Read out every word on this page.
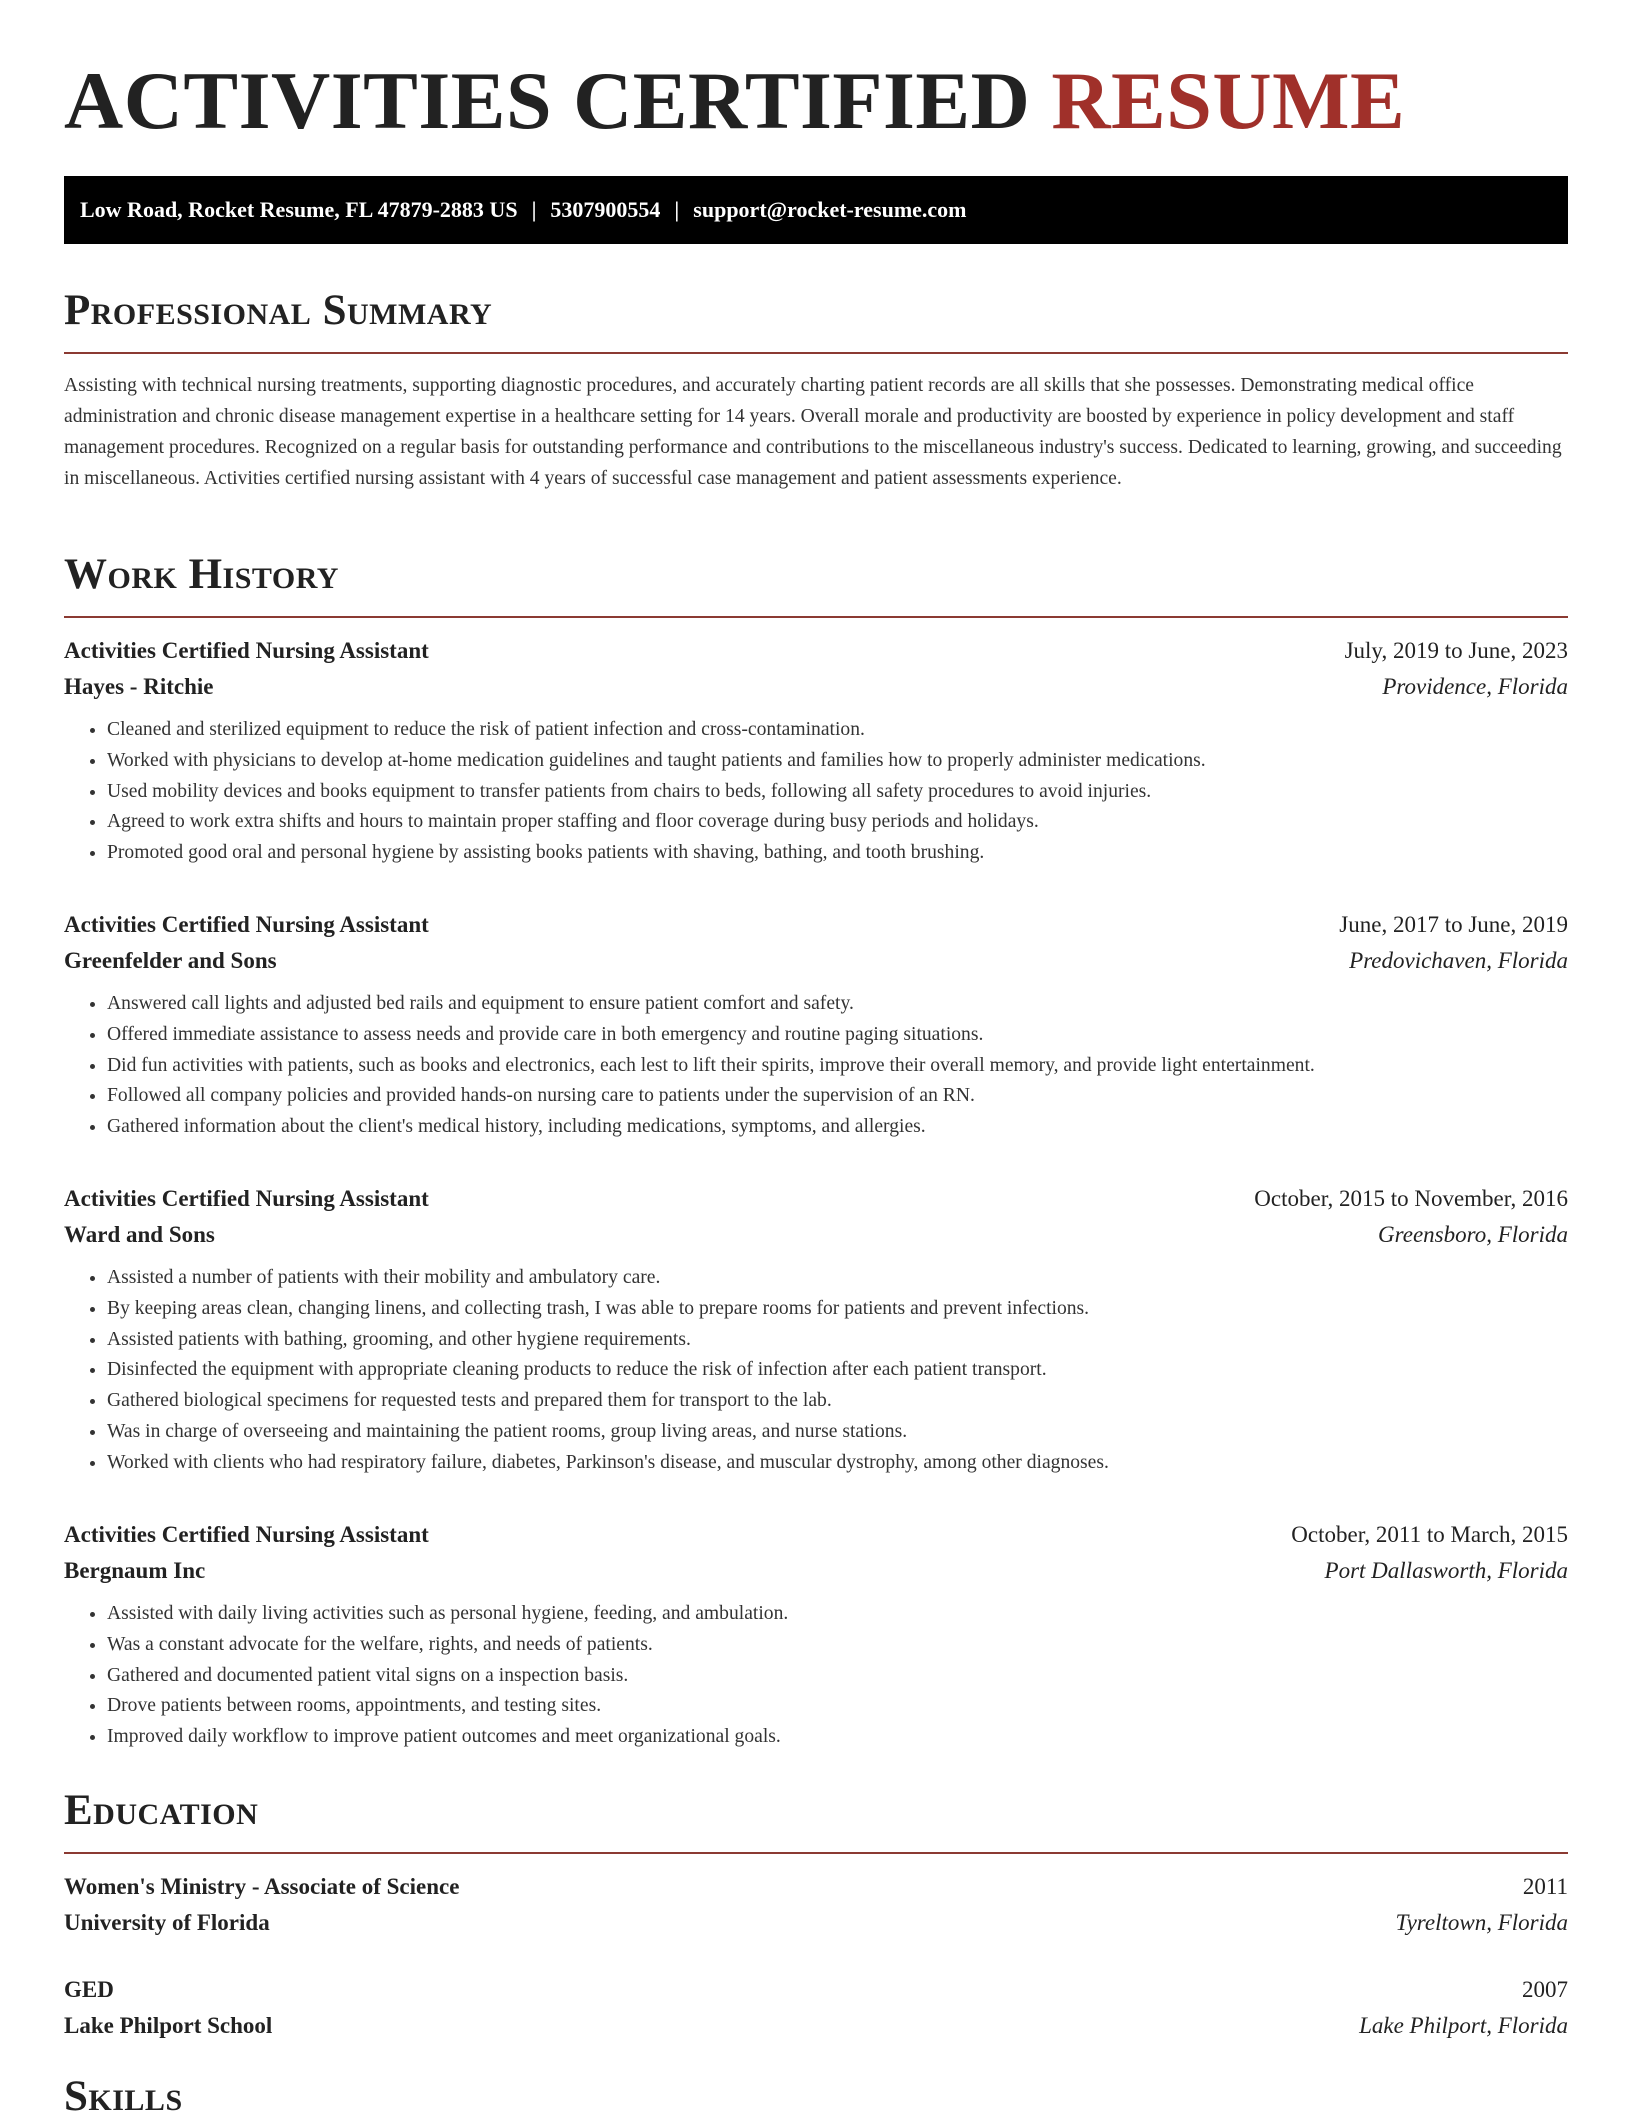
ACTIVITIES CERTIFIED RESUME
Low Road, Rocket Resume, FL 47879-2883 US | 5307900554 | support@rocket-resume.com
Professional Summary

Assisting with technical nursing treatments, supporting diagnostic procedures, and accurately charting patient records are all skills that she possesses. Demonstrating medical office administration and chronic disease management expertise in a healthcare setting for 14 years. Overall morale and productivity are boosted by experience in policy development and staff management procedures. Recognized on a regular basis for outstanding performance and contributions to the miscellaneous industry's success. Dedicated to learning, growing, and succeeding in miscellaneous. Activities certified nursing assistant with 4 years of successful case management and patient assessments experience.

Work History
Activities Certified Nursing Assistant	July, 2019 to June, 2023
Hayes - Ritchie	Providence, Florida
• Cleaned and sterilized equipment to reduce the risk of patient infection and cross-contamination.
• Worked with physicians to develop at-home medication guidelines and taught patients and families how to properly administer medications.
• Used mobility devices and books equipment to transfer patients from chairs to beds, following all safety procedures to avoid injuries.
• Agreed to work extra shifts and hours to maintain proper staffing and floor coverage during busy periods and holidays.
• Promoted good oral and personal hygiene by assisting books patients with shaving, bathing, and tooth brushing.
Activities Certified Nursing Assistant	June, 2017 to June, 2019
Greenfelder and Sons	Predovichaven, Florida
• Answered call lights and adjusted bed rails and equipment to ensure patient comfort and safety.
• Offered immediate assistance to assess needs and provide care in both emergency and routine paging situations.
• Did fun activities with patients, such as books and electronics, each lest to lift their spirits, improve their overall memory, and provide light entertainment.
• Followed all company policies and provided hands-on nursing care to patients under the supervision of an RN.
• Gathered information about the client's medical history, including medications, symptoms, and allergies.
Activities Certified Nursing Assistant	October, 2015 to November, 2016
Ward and Sons	Greensboro, Florida
• Assisted a number of patients with their mobility and ambulatory care.
• By keeping areas clean, changing linens, and collecting trash, I was able to prepare rooms for patients and prevent infections.
• Assisted patients with bathing, grooming, and other hygiene requirements.
• Disinfected the equipment with appropriate cleaning products to reduce the risk of infection after each patient transport.
• Gathered biological specimens for requested tests and prepared them for transport to the lab.
• Was in charge of overseeing and maintaining the patient rooms, group living areas, and nurse stations.
• Worked with clients who had respiratory failure, diabetes, Parkinson's disease, and muscular dystrophy, among other diagnoses.
Activities Certified Nursing Assistant	October, 2011 to March, 2015
Bergnaum Inc	Port Dallasworth, Florida
• Assisted with daily living activities such as personal hygiene, feeding, and ambulation.
• Was a constant advocate for the welfare, rights, and needs of patients.
• Gathered and documented patient vital signs on a inspection basis.
• Drove patients between rooms, appointments, and testing sites.
• Improved daily workflow to improve patient outcomes and meet organizational goals.
Education
Women's Ministry - Associate of Science	2011
University of Florida	Tyreltown, Florida
GED	2007
Lake Philport School	Lake Philport, Florida
Skills
